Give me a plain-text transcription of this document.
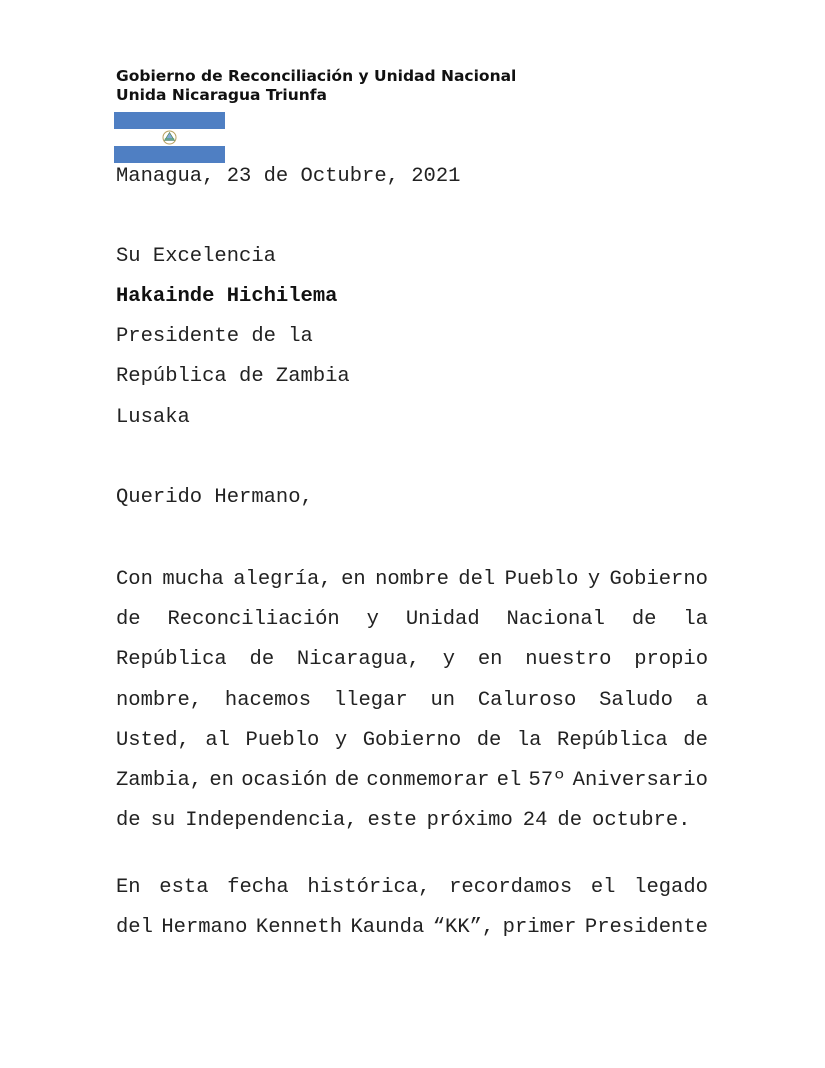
Gobierno de Reconciliación y Unidad Nacional
Unida Nicaragua Triunfa
Managua, 23 de Octubre, 2021
Su Excelencia
Hakainde Hichilema
Presidente de la
República de Zambia
Lusaka
Querido Hermano,
Con mucha alegría, en nombre del Pueblo y Gobierno
de Reconciliación y Unidad Nacional de la
República de Nicaragua, y en nuestro propio
nombre, hacemos llegar un Caluroso Saludo a
Usted, al Pueblo y Gobierno de la República de
Zambia, en ocasión de conmemorar el 57º Aniversario
de su Independencia, este próximo 24 de octubre.
En esta fecha histórica, recordamos el legado
del Hermano Kenneth Kaunda “KK”, primer Presidente
